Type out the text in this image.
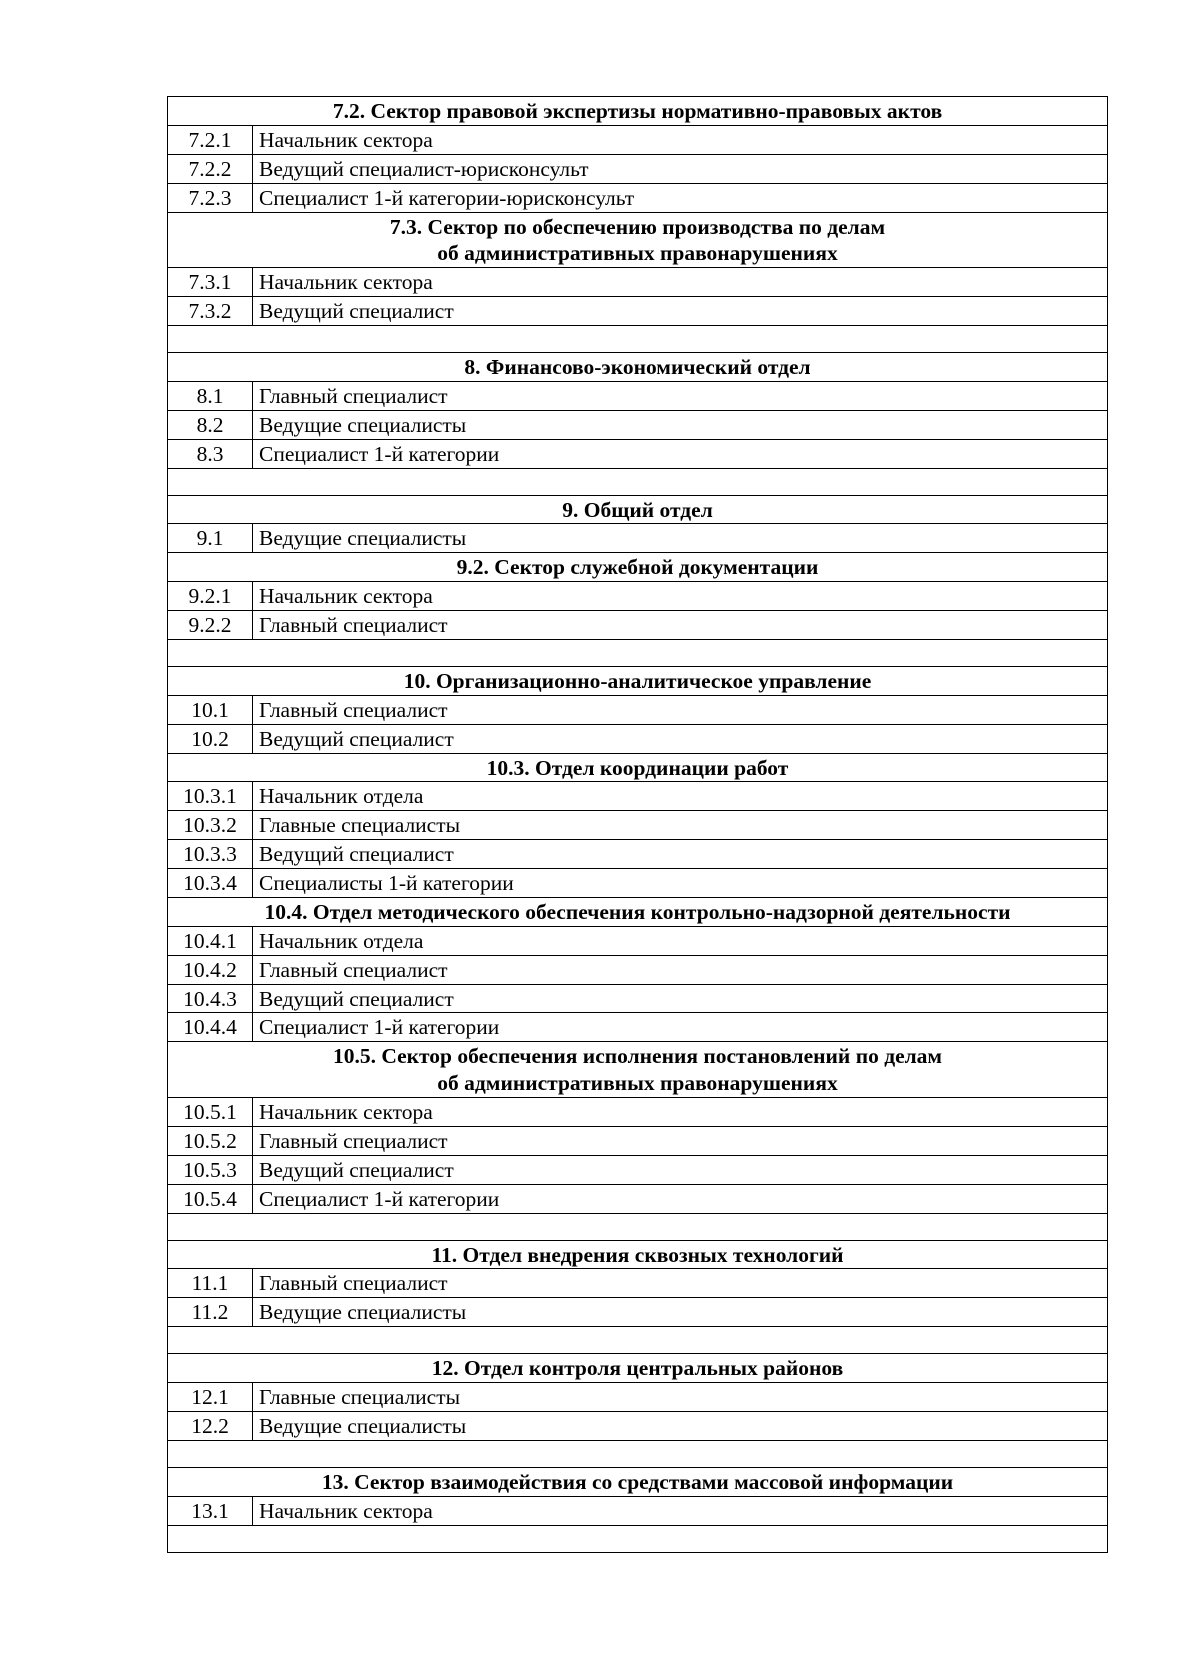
7.2. Сектор правовой экспертизы нормативно-правовых актов	
7.2.1	Начальник сектора
7.2.2	Ведущий специалист-юрисконсульт
7.2.3	Специалист 1-й категории-юрисконсульт
7.3. Сектор по обеспечению производства по делам
об административных правонарушениях	
7.3.1	Начальник сектора
7.3.2	Ведущий специалист

8. Финансово-экономический отдел	
8.1	Главный специалист
8.2	Ведущие специалисты
8.3	Специалист 1-й категории

9. Общий отдел	
9.1	Ведущие специалисты
9.2. Сектор служебной документации	
9.2.1	Начальник сектора
9.2.2	Главный специалист

10. Организационно-аналитическое управление	
10.1	Главный специалист
10.2	Ведущий специалист
10.3. Отдел координации работ	
10.3.1	Начальник отдела
10.3.2	Главные специалисты
10.3.3	Ведущий специалист
10.3.4	Специалисты 1-й категории
10.4. Отдел методического обеспечения контрольно-надзорной деятельности	
10.4.1	Начальник отдела
10.4.2	Главный специалист
10.4.3	Ведущий специалист
10.4.4	Специалист 1-й категории
10.5. Сектор обеспечения исполнения постановлений по делам
об административных правонарушениях	
10.5.1	Начальник сектора
10.5.2	Главный специалист
10.5.3	Ведущий специалист
10.5.4	Специалист 1-й категории

11. Отдел внедрения сквозных технологий	
11.1	Главный специалист
11.2	Ведущие специалисты

12. Отдел контроля центральных районов	
12.1	Главные специалисты
12.2	Ведущие специалисты

13. Сектор взаимодействия со средствами массовой информации	
13.1	Начальник сектора
